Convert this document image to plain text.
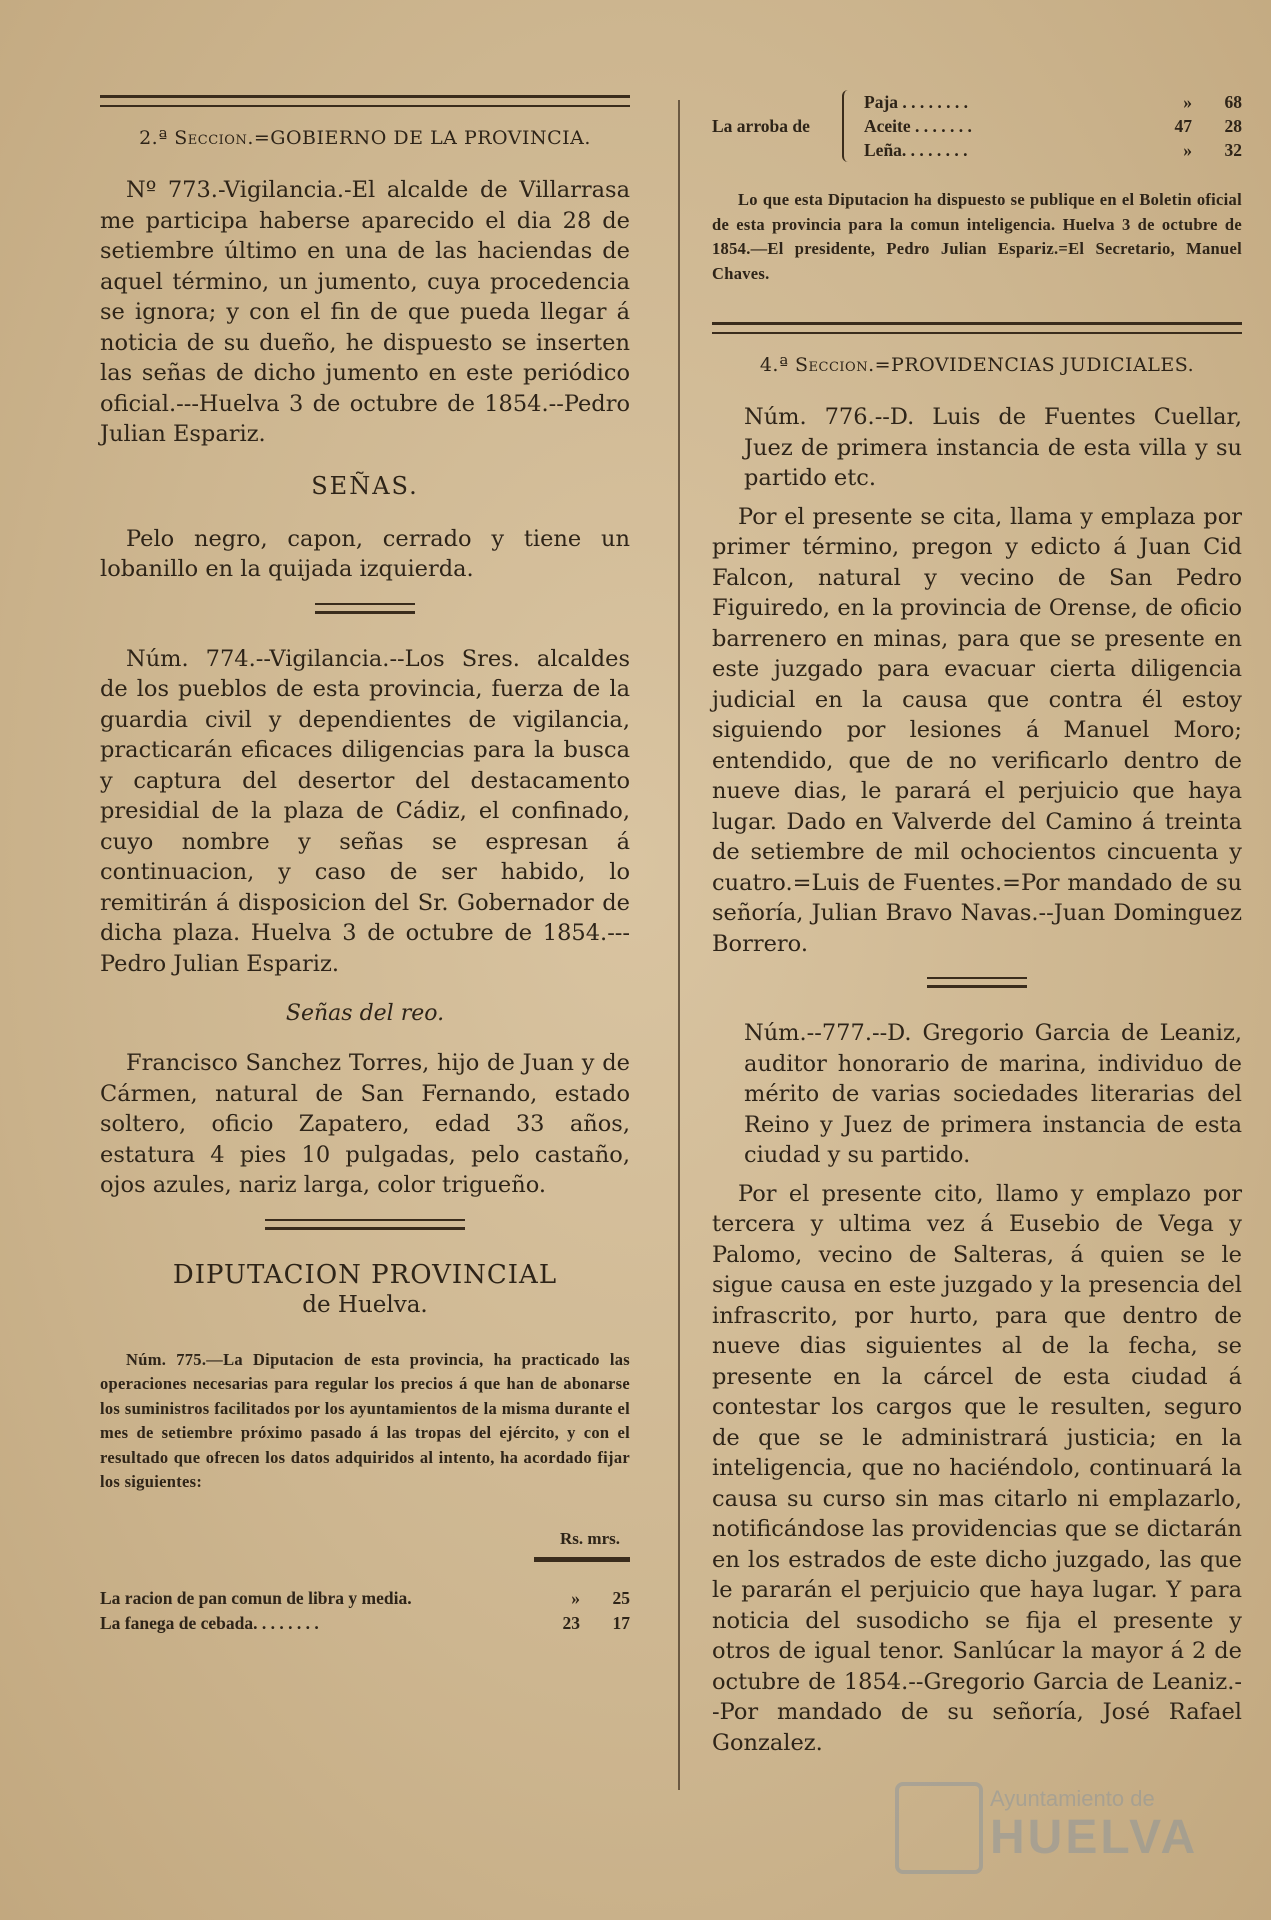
2.ª Seccion.=GOBIERNO DE LA PROVINCIA.

Nº 773.-Vigilancia.-El alcalde de Villarrasa me participa haberse aparecido el dia 28 de setiembre último en una de las haciendas de aquel término, un jumento, cuya procedencia se ignora; y con el fin de que pueda llegar á noticia de su dueño, he dispuesto se inserten las señas de dicho jumento en este periódico oficial.---Huelva 3 de octubre de 1854.--Pedro Julian Espariz.

SEÑAS.

Pelo negro, capon, cerrado y tiene un lobanillo en la quijada izquierda.

Núm. 774.--Vigilancia.--Los Sres. alcaldes de los pueblos de esta provincia, fuerza de la guardia civil y dependientes de vigilancia, practicarán eficaces diligencias para la busca y captura del desertor del destacamento presidial de la plaza de Cádiz, el confinado, cuyo nombre y señas se espresan á continuacion, y caso de ser habido, lo remitirán á disposicion del Sr. Gobernador de dicha plaza. Huelva 3 de octubre de 1854.---Pedro Julian Espariz.

Señas del reo.

Francisco Sanchez Torres, hijo de Juan y de Cármen, natural de San Fernando, estado soltero, oficio Zapatero, edad 33 años, estatura 4 pies 10 pulgadas, pelo castaño, ojos azules, nariz larga, color trigueño.

DIPUTACION PROVINCIAL
de Huelva.

Núm. 775.—La Diputacion de esta provincia, ha practicado las operaciones necesarias para regular los precios á que han de abonarse los suministros facilitados por los ayuntamientos de la misma durante el mes de setiembre próximo pasado á las tropas del ejército, y con el resultado que ofrecen los datos adquiridos al intento, ha acordado fijar los siguientes:

Rs. mrs.
La racion de pan comun de libra y media.	»	25
La fanega de cebada. . . . . . . .	23	17
La arroba de
Paja . . . . . . . .	»	68
Aceite . . . . . . .	47	28
Leña. . . . . . . .	»	32

Lo que esta Diputacion ha dispuesto se publique en el Boletin oficial de esta provincia para la comun inteligencia. Huelva 3 de octubre de 1854.—El presidente, Pedro Julian Espariz.=El Secretario, Manuel Chaves.

4.ª Seccion.=PROVIDENCIAS JUDICIALES.

Núm. 776.--D. Luis de Fuentes Cuellar, Juez de primera instancia de esta villa y su partido etc.

Por el presente se cita, llama y emplaza por primer término, pregon y edicto á Juan Cid Falcon, natural y vecino de San Pedro Figuiredo, en la provincia de Orense, de oficio barrenero en minas, para que se presente en este juzgado para evacuar cierta diligencia judicial en la causa que contra él estoy siguiendo por lesiones á Manuel Moro; entendido, que de no verificarlo dentro de nueve dias, le parará el perjuicio que haya lugar. Dado en Valverde del Camino á treinta de setiembre de mil ochocientos cincuenta y cuatro.=Luis de Fuentes.=Por mandado de su señoría, Julian Bravo Navas.--Juan Dominguez Borrero.

Núm.--777.--D. Gregorio Garcia de Leaniz, auditor honorario de marina, individuo de mérito de varias sociedades literarias del Reino y Juez de primera instancia de esta ciudad y su partido.

Por el presente cito, llamo y emplazo por tercera y ultima vez á Eusebio de Vega y Palomo, vecino de Salteras, á quien se le sigue causa en este juzgado y la presencia del infrascrito, por hurto, para que dentro de nueve dias siguientes al de la fecha, se presente en la cárcel de esta ciudad á contestar los cargos que le resulten, seguro de que se le administrará justicia; en la inteligencia, que no haciéndolo, continuará la causa su curso sin mas citarlo ni emplazarlo, notificándose las providencias que se dictarán en los estrados de este dicho juzgado, las que le pararán el perjuicio que haya lugar. Y para noticia del susodicho se fija el presente y otros de igual tenor. Sanlúcar la mayor á 2 de octubre de 1854.--Gregorio Garcia de Leaniz.--Por mandado de su señoría, José Rafael Gonzalez.

Ayuntamiento de
HUELVA
